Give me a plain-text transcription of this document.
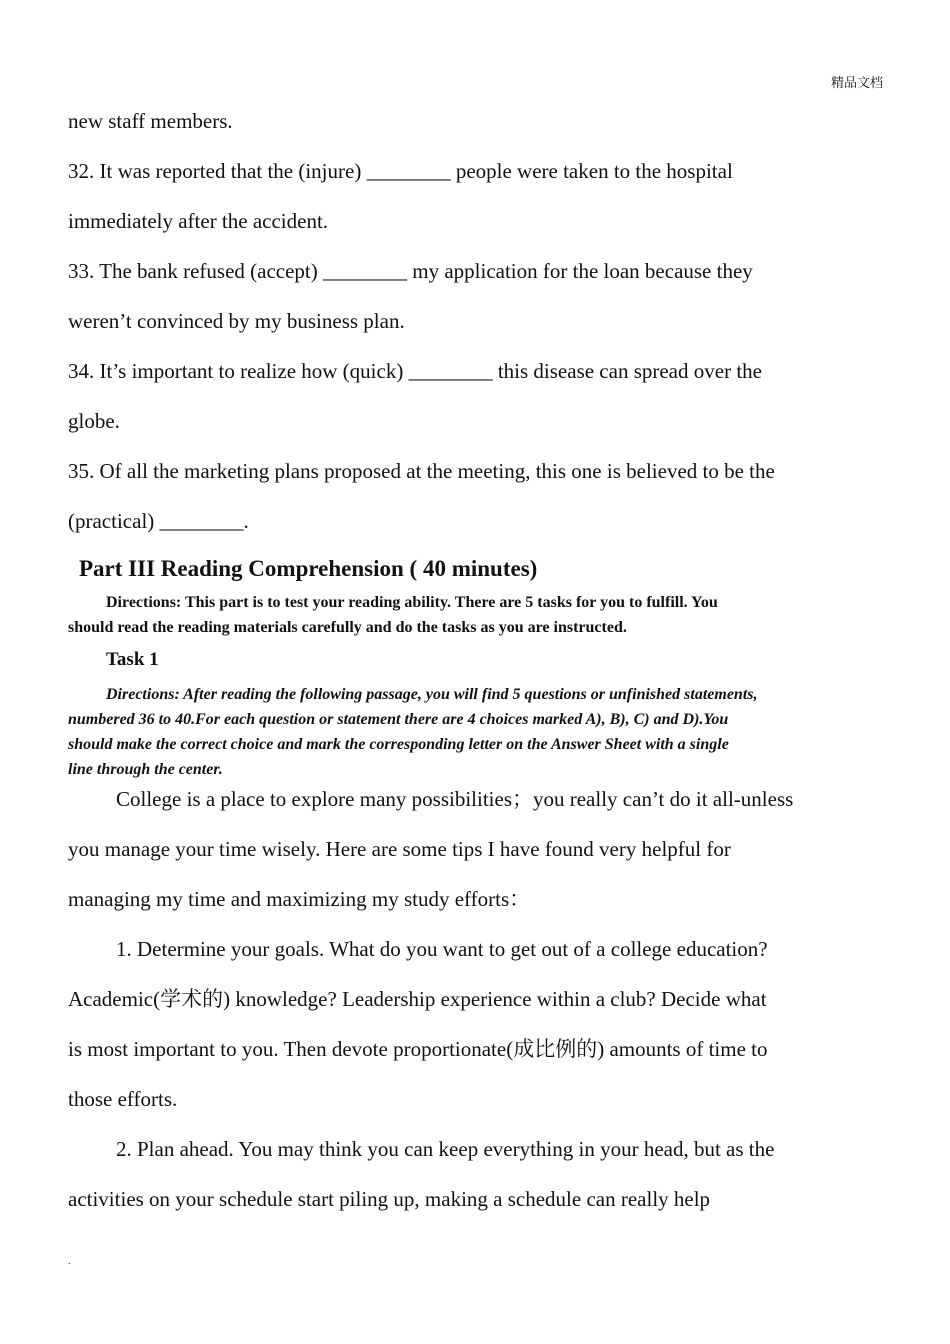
精品文档
new staff members.
32. It was reported that the (injure) ________ people were taken to the hospital
immediately after the accident.
33. The bank refused (accept) ________ my application for the loan because they
weren’t convinced by my business plan.
34. It’s important to realize how (quick) ________ this disease can spread over the
globe.
35. Of all the marketing plans proposed at the meeting, this one is believed to be the
(practical) ________.
Part III Reading Comprehension ( 40 minutes)
Directions: This part is to test your reading ability. There are 5 tasks for you to fulfill. You
should read the reading materials carefully and do the tasks as you are instructed.
Task 1
Directions: After reading the following passage, you will find 5 questions or unfinished statements,
numbered 36 to 40.For each question or statement there are 4 choices marked A), B), C) and D).You
should make the correct choice and mark the corresponding letter on the Answer Sheet with a single
line through the center.
College is a place to explore many possibilities；you really can’t do it all-unless
you manage your time wisely. Here are some tips I have found very helpful for
managing my time and maximizing my study efforts：
1. Determine your goals. What do you want to get out of a college education?
Academic(学术的) knowledge? Leadership experience within a club? Decide what
is most important to you. Then devote proportionate(成比例的) amounts of time to
those efforts.
2. Plan ahead. You may think you can keep everything in your head, but as the
activities on your schedule start piling up, making a schedule can really help
.
